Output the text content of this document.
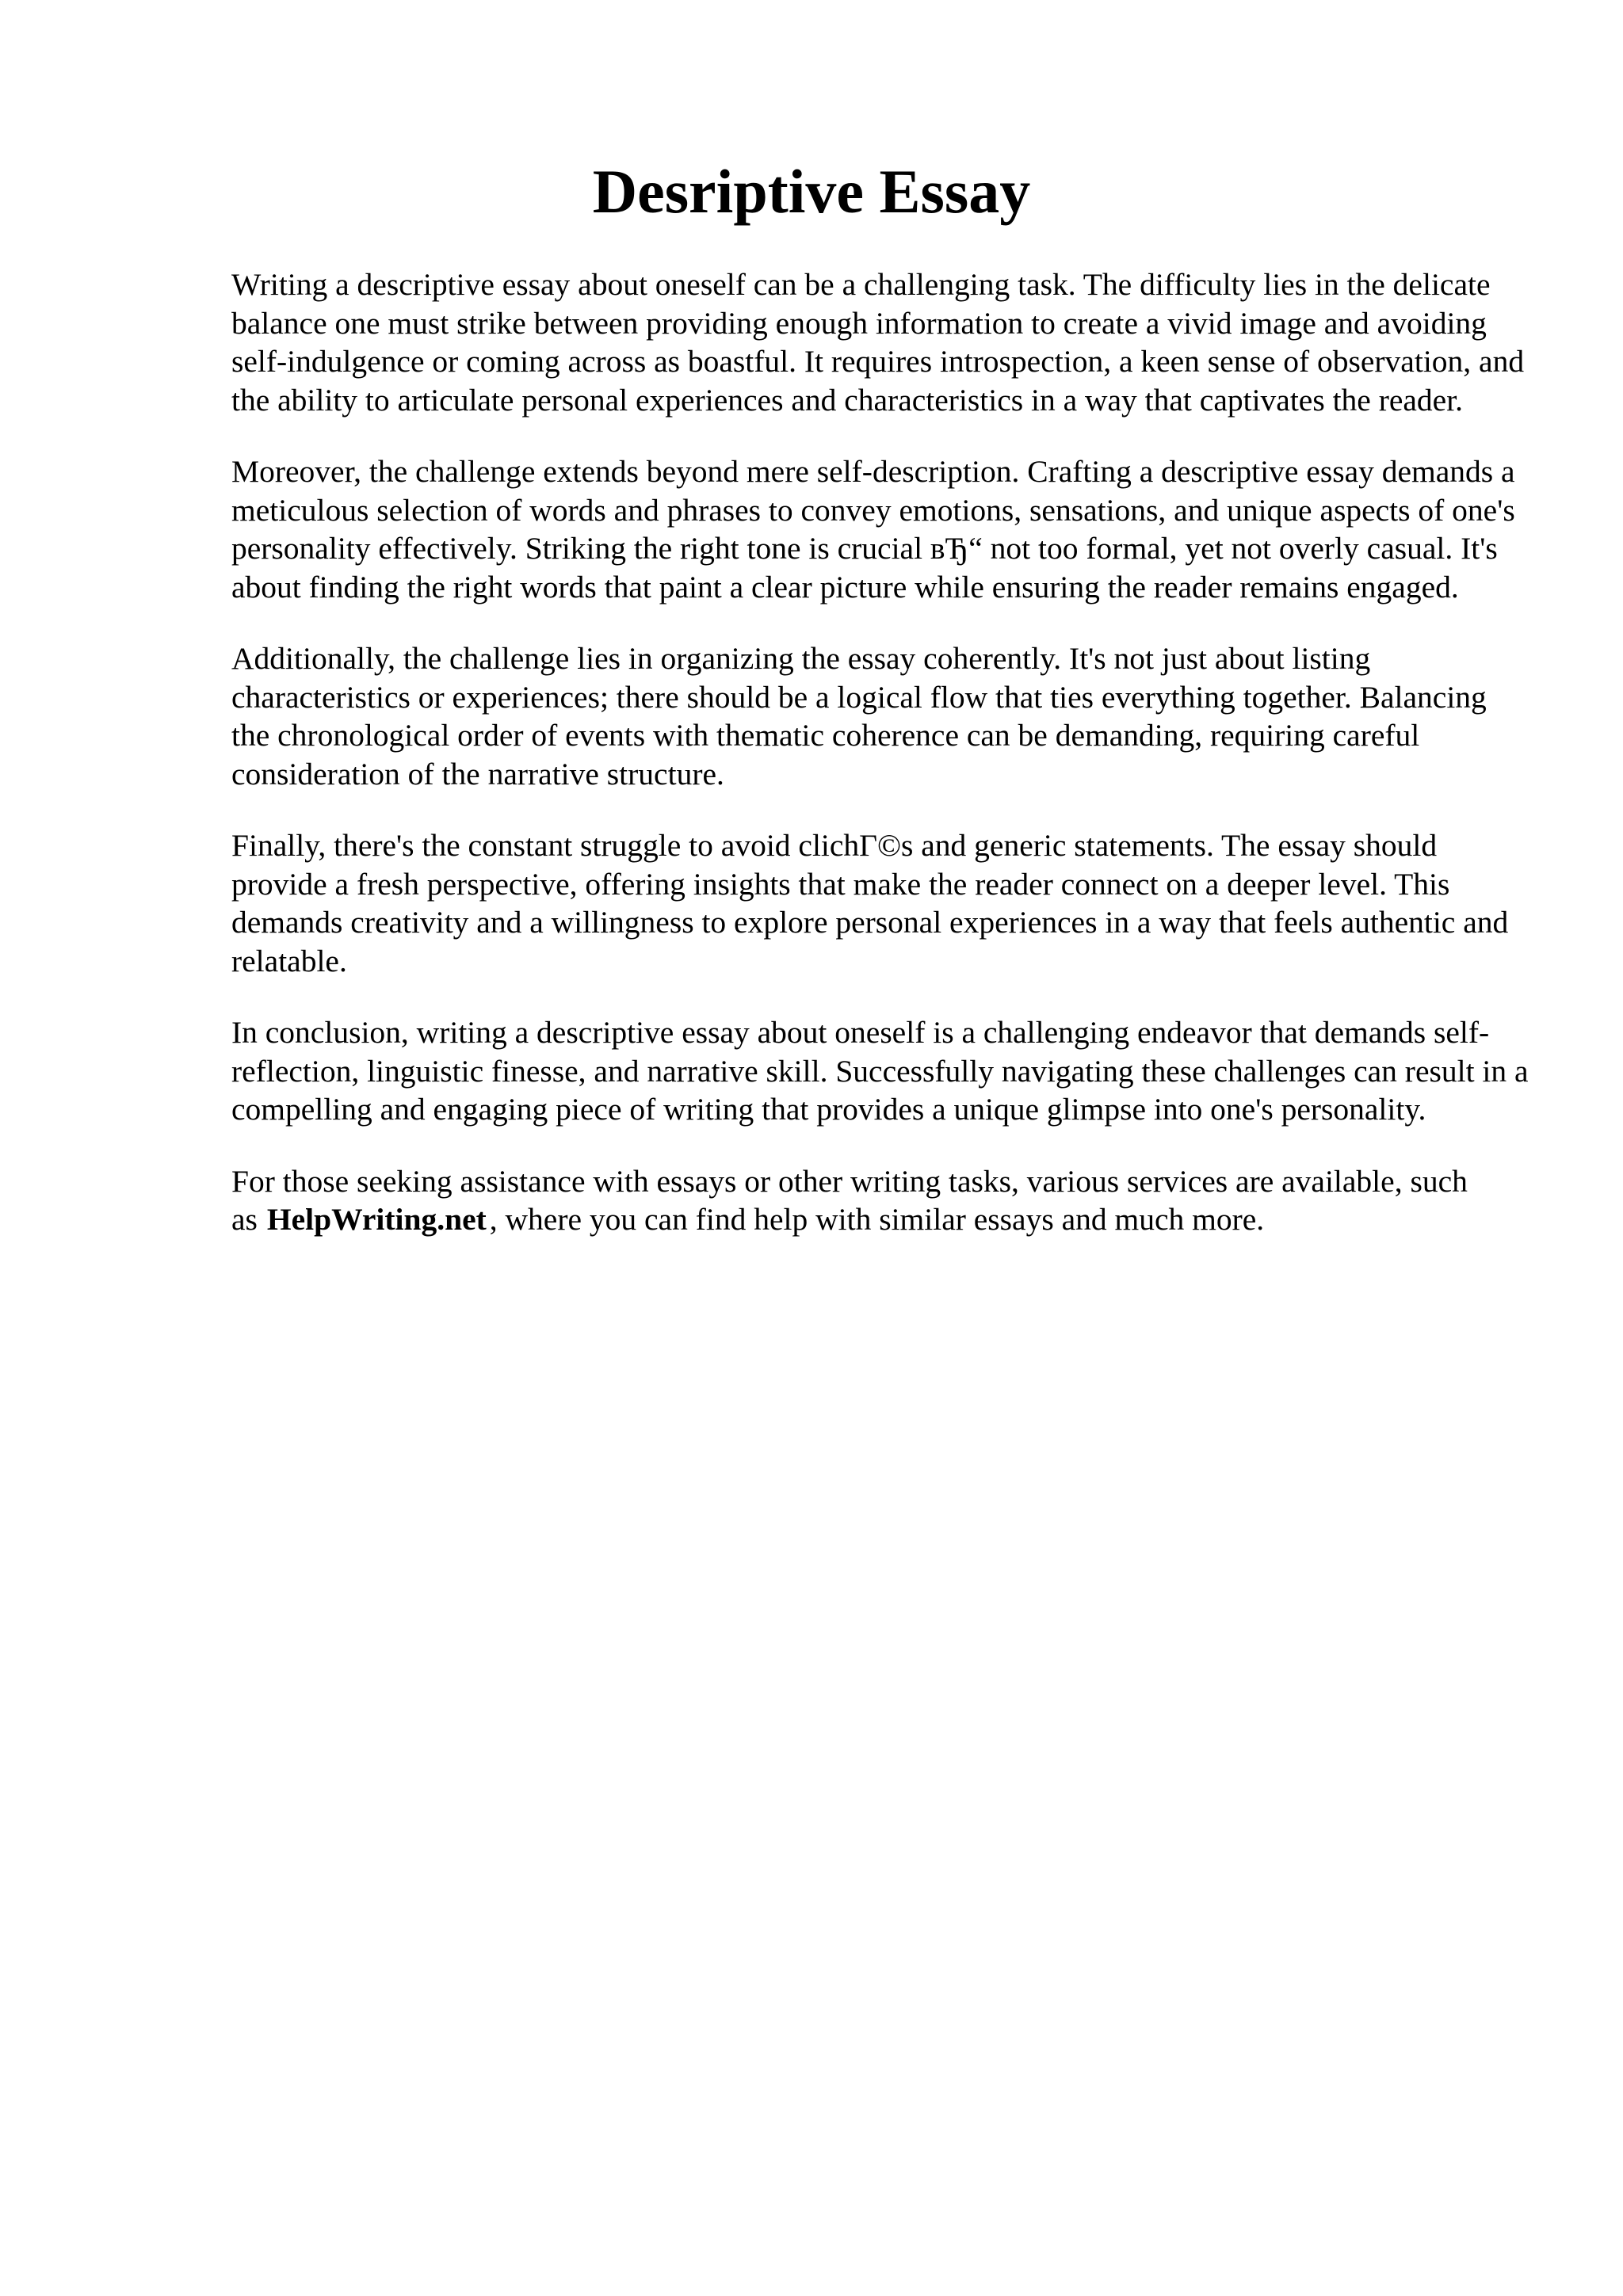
Desriptive Essay

Writing a descriptive essay about oneself can be a challenging task. The difficulty lies in the delicate balance one must strike between providing enough information to create a vivid image and avoiding self-indulgence or coming across as boastful. It requires introspection, a keen sense of observation, and the ability to articulate personal experiences and characteristics in a way that captivates the reader.

Moreover, the challenge extends beyond mere self-description. Crafting a descriptive essay demands a meticulous selection of words and phrases to convey emotions, sensations, and unique aspects of one's personality effectively. Striking the right tone is crucial вЂ“ not too formal, yet not overly casual. It's about finding the right words that paint a clear picture while ensuring the reader remains engaged.

Additionally, the challenge lies in organizing the essay coherently. It's not just about listing characteristics or experiences; there should be a logical flow that ties everything together. Balancing the chronological order of events with thematic coherence can be demanding, requiring careful consideration of the narrative structure.

Finally, there's the constant struggle to avoid clichГ©s and generic statements. The essay should provide a fresh perspective, offering insights that make the reader connect on a deeper level. This demands creativity and a willingness to explore personal experiences in a way that feels authentic and relatable.

In conclusion, writing a descriptive essay about oneself is a challenging endeavor that demands self-reflection, linguistic finesse, and narrative skill. Successfully navigating these challenges can result in a compelling and engaging piece of writing that provides a unique glimpse into one's personality.

For those seeking assistance with essays or other writing tasks, various services are available, such as HelpWriting.net , where you can find help with similar essays and much more.
